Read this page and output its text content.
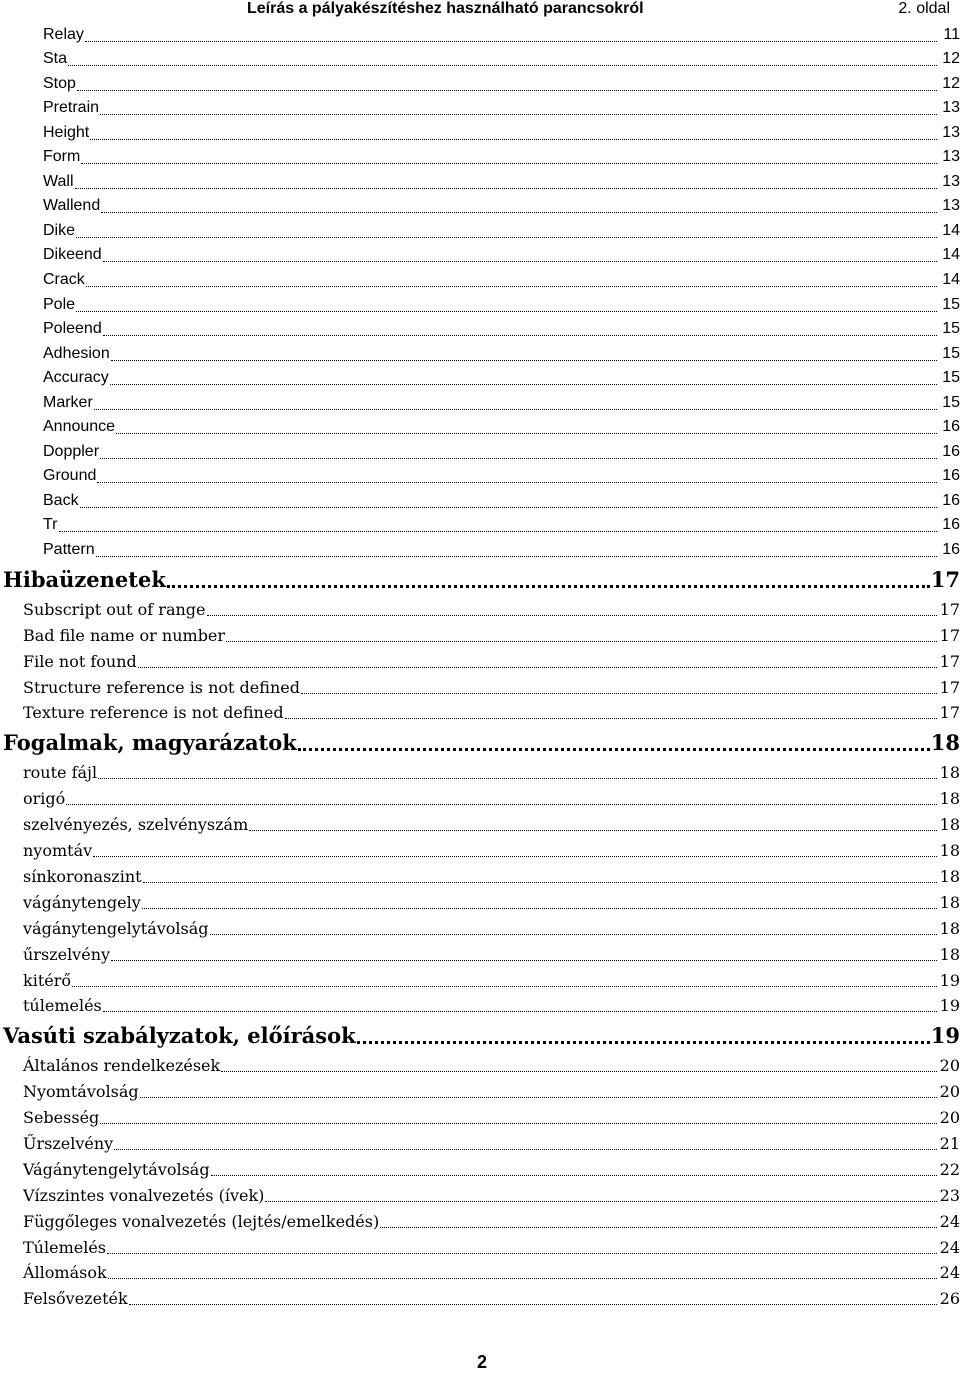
Leírás a pályakészítéshez használható parancsokról	2. oldal
Relay	11
Sta	12
Stop	12
Pretrain	13
Height	13
Form	13
Wall	13
Wallend	13
Dike	14
Dikeend	14
Crack	14
Pole	15
Poleend	15
Adhesion	15
Accuracy	15
Marker	15
Announce	16
Doppler	16
Ground	16
Back	16
Tr	16
Pattern	16
Hibaüzenetek	17
Subscript out of range	17
Bad file name or number	17
File not found	17
Structure reference is not defined	17
Texture reference is not defined	17
Fogalmak, magyarázatok	18
route fájl	18
origó	18
szelvényezés, szelvényszám	18
nyomtáv	18
sínkoronaszint	18
vágánytengely	18
vágánytengelytávolság	18
űrszelvény	18
kitérő	19
túlemelés	19
Vasúti szabályzatok, előírások	19
Általános rendelkezések	20
Nyomtávolság	20
Sebesség	20
Űrszelvény	21
Vágánytengelytávolság	22
Vízszintes vonalvezetés (ívek)	23
Függőleges vonalvezetés (lejtés/emelkedés)	24
Túlemelés	24
Állomások	24
Felsővezeték	26
2
